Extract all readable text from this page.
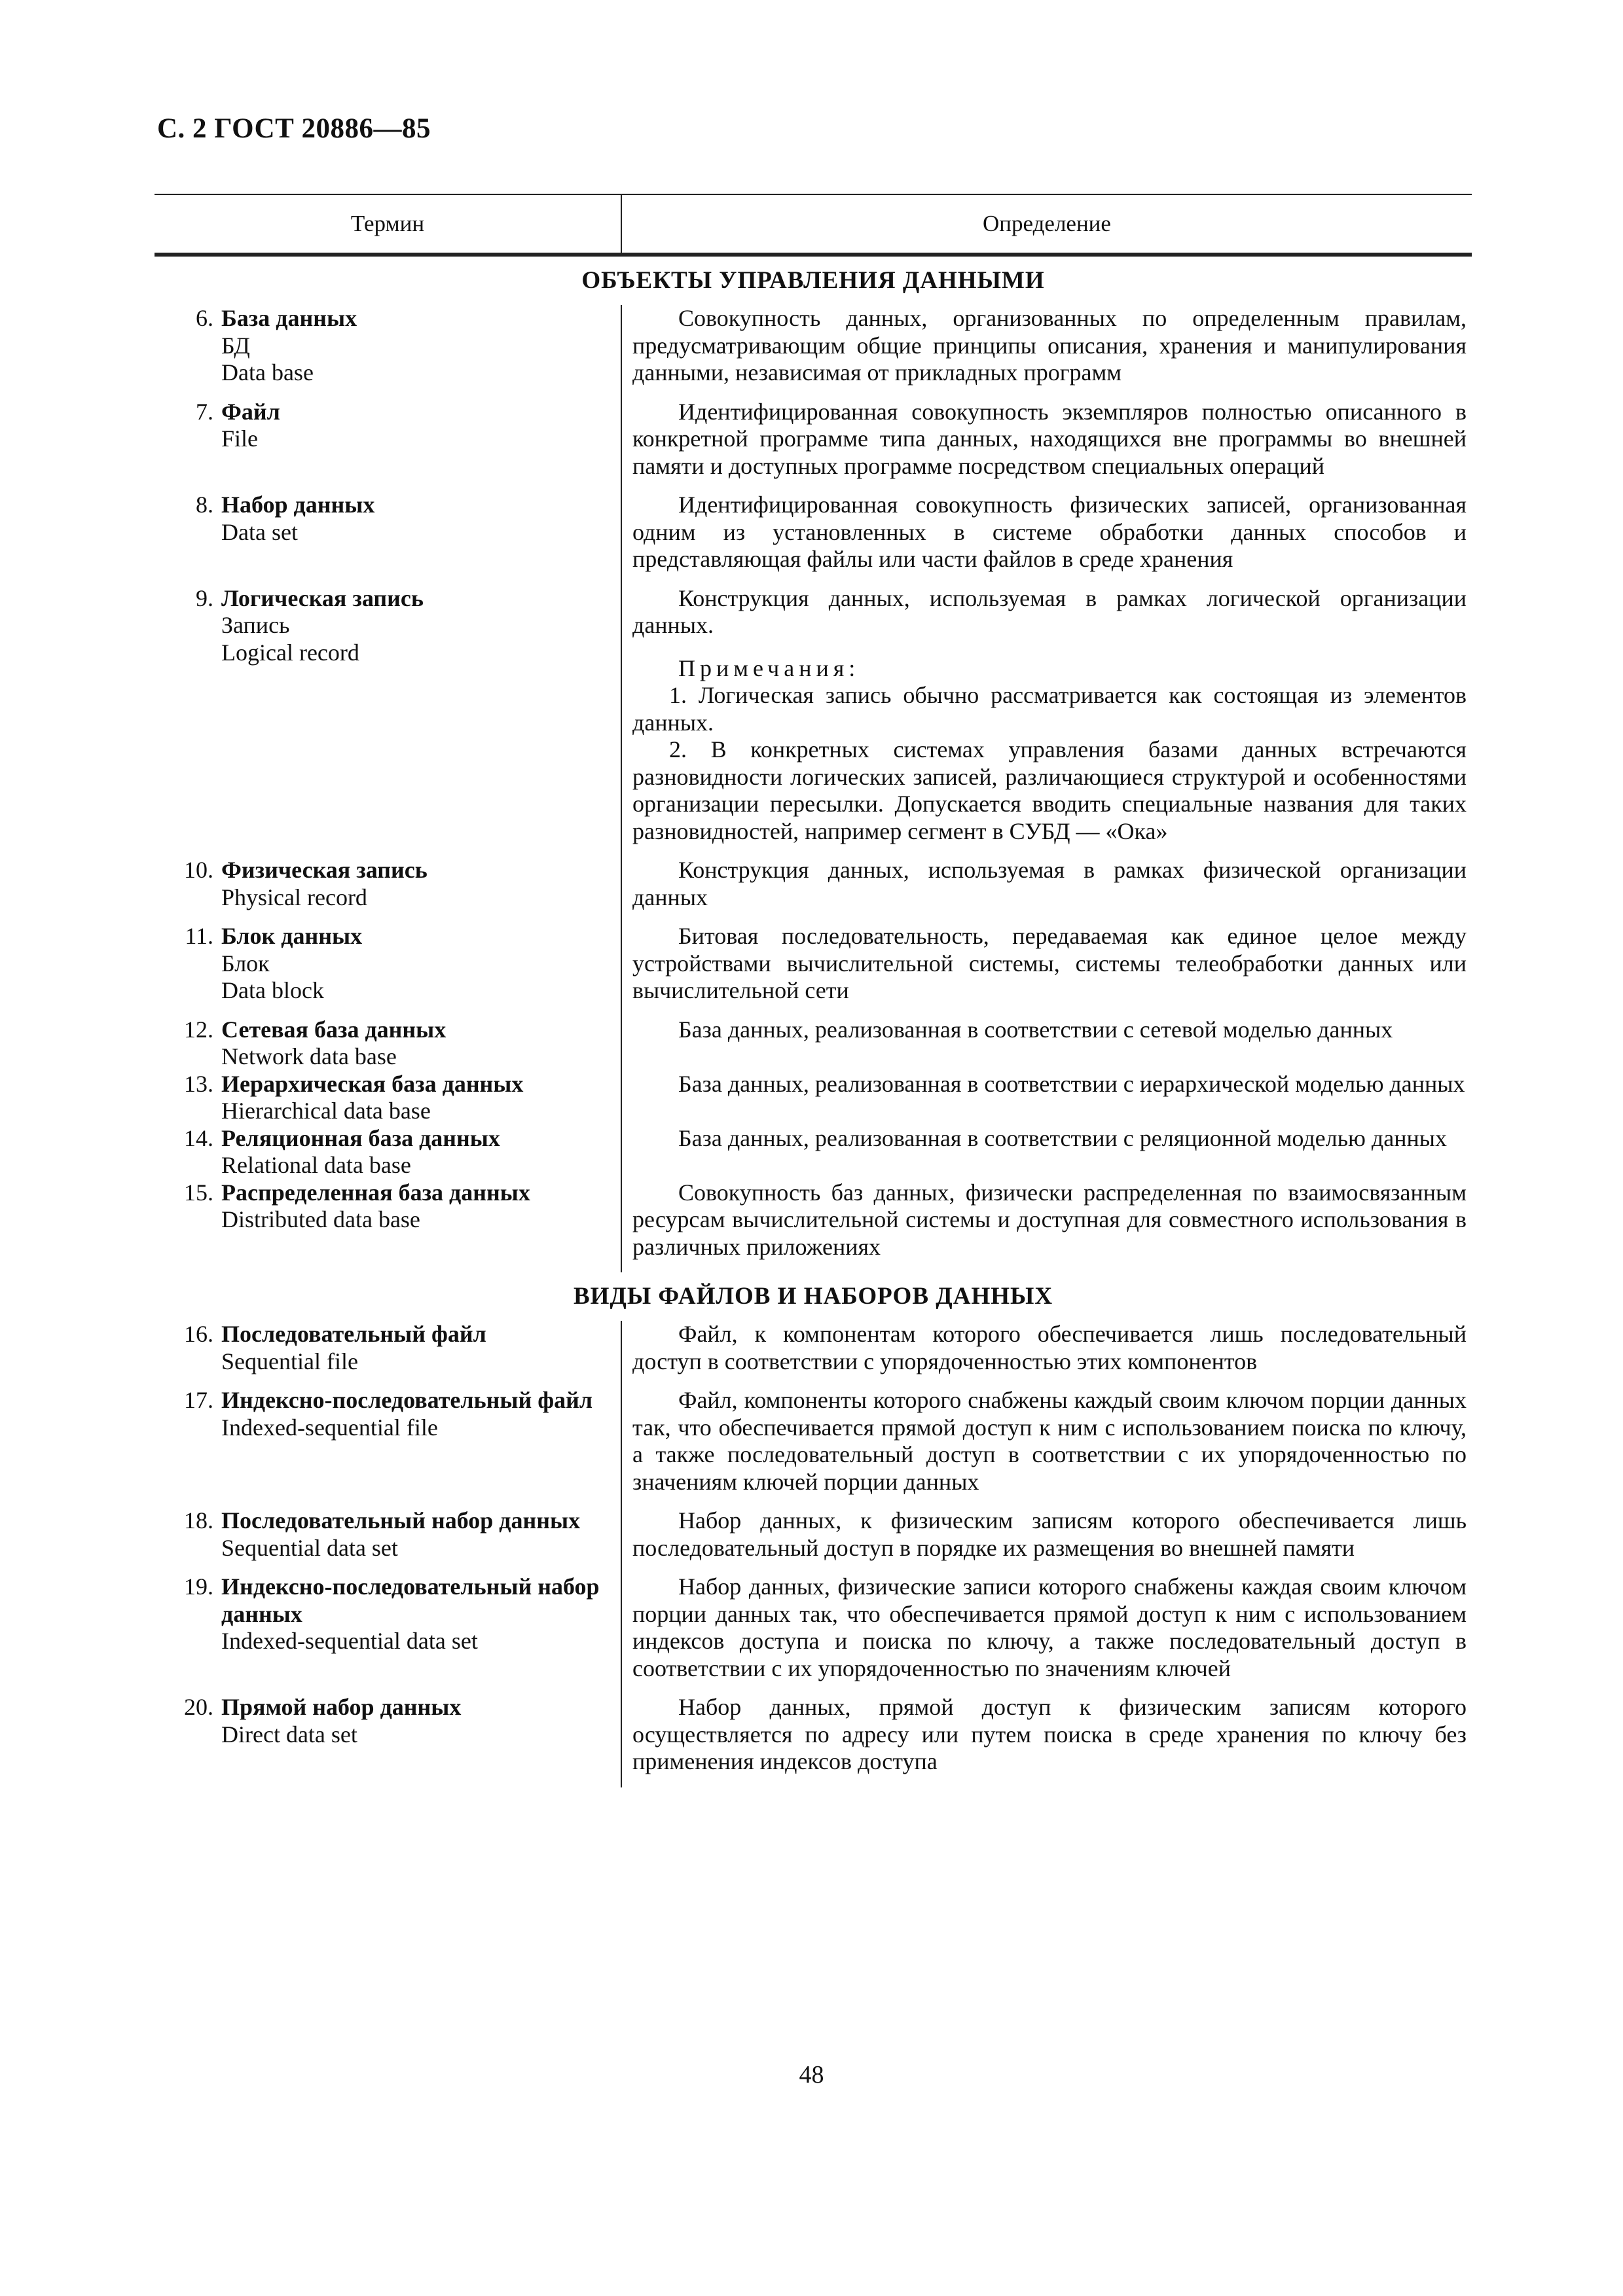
С. 2 ГОСТ 20886—85
Термин	Определение
ОБЪЕКТЫ УПРАВЛЕНИЯ ДАННЫМИ
6. База данных
БД
Data base

Совокупность данных, организованных по определенным правилам, предусматривающим общие принципы описания, хранения и манипулирования данными, независимая от прикладных программ

7. Файл
File

Идентифицированная совокупность экземпляров полностью описанного в конкретной программе типа данных, находящихся вне программы во внешней памяти и доступных программе посредством специальных операций

8. Набор данных
Data set

Идентифицированная совокупность физических записей, организованная одним из установленных в системе обработки данных способов и представляющая файлы или части файлов в среде хранения

9. Логическая запись
Запись
Logical record

Конструкция данных, используемая в рамках логической организации данных.

Примечания:

1. Логическая запись обычно рассматривается как состоящая из элементов данных.

2. В конкретных системах управления базами данных встречаются разновидности логических записей, различающиеся структурой и особенностями организации пересылки. Допускается вводить специальные названия для таких разновидностей, например сегмент в СУБД — «Ока»

10. Физическая запись
Physical record

Конструкция данных, используемая в рамках физической организации данных

11. Блок данных
Блок
Data block

Битовая последовательность, передаваемая как единое целое между устройствами вычислительной системы, системы телеобработки данных или вычислительной сети

12. Сетевая база данных
Network data base

База данных, реализованная в соответствии с сетевой моделью данных

13. Иерархическая база данных
Hierarchical data base

База данных, реализованная в соответствии с иерархической моделью данных

14. Реляционная база данных
Relational data base

База данных, реализованная в соответствии с реляционной моделью данных

15. Распределенная база данных
Distributed data base

Совокупность баз данных, физически распределенная по взаимосвязанным ресурсам вычислительной системы и доступная для совместного использования в различных приложениях

ВИДЫ ФАЙЛОВ И НАБОРОВ ДАННЫХ
16. Последовательный файл
Sequential file

Файл, к компонентам которого обеспечивается лишь последовательный доступ в соответствии с упорядоченностью этих компонентов

17. Индексно-последовательный файл
Indexed-sequential file

Файл, компоненты которого снабжены каждый своим ключом порции данных так, что обеспечивается прямой доступ к ним с использованием поиска по ключу, а также последовательный доступ в соответствии с их упорядоченностью по значениям ключей порции данных

18. Последовательный набор данных
Sequential data set

Набор данных, к физическим записям которого обеспечивается лишь последовательный доступ в порядке их размещения во внешней памяти

19. Индексно-последовательный набор данных
Indexed-sequential data set

Набор данных, физические записи которого снабжены каждая своим ключом порции данных так, что обеспечивается прямой доступ к ним с использованием индексов доступа и поиска по ключу, а также последовательный доступ в соответствии с их упорядоченностью по значениям ключей

20. Прямой набор данных
Direct data set

Набор данных, прямой доступ к физическим записям которого осуществляется по адресу или путем поиска в среде хранения по ключу без применения индексов доступа

48
